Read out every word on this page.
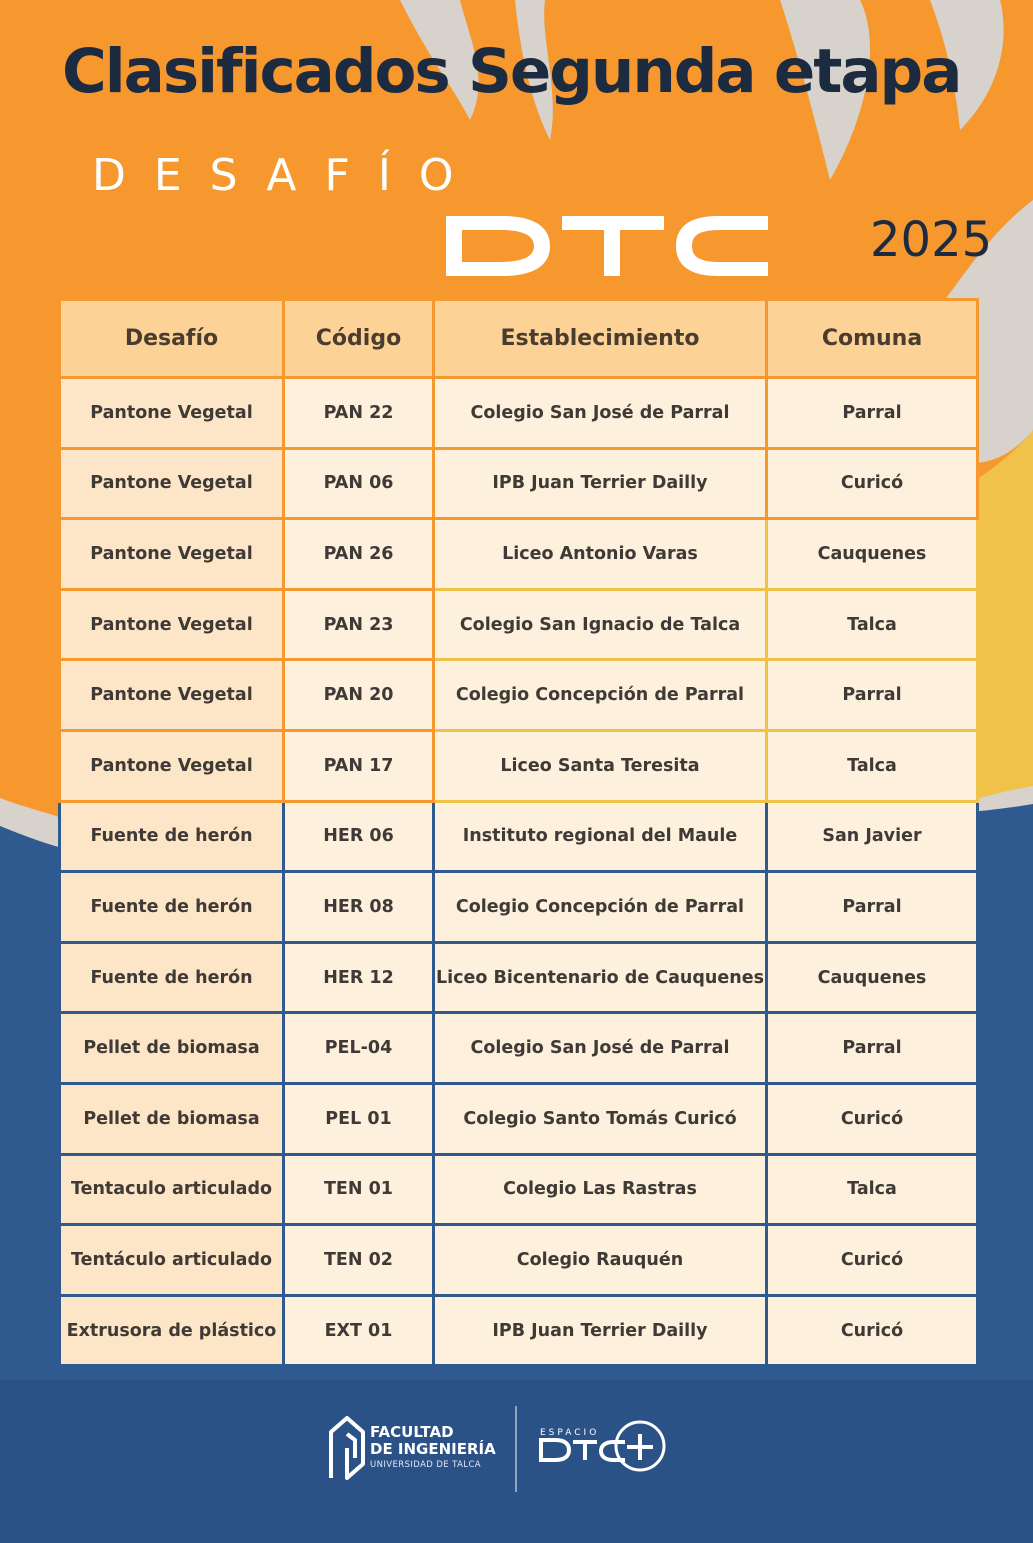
Clasificados Segunda etapa
DESAFÍO
2025
Desafío	Código	Establecimiento	Comuna
Pantone Vegetal	PAN 22	Colegio San José de Parral	Parral
Pantone Vegetal	PAN 06	IPB Juan Terrier Dailly	Curicó
Pantone Vegetal	PAN 26	Liceo Antonio Varas	Cauquenes
Pantone Vegetal	PAN 23	Colegio San Ignacio de Talca	Talca
Pantone Vegetal	PAN 20	Colegio Concepción de Parral	Parral
Pantone Vegetal	PAN 17	Liceo Santa Teresita	Talca
Fuente de herón	HER 06	Instituto regional del Maule	San Javier
Fuente de herón	HER 08	Colegio Concepción de Parral	Parral
Fuente de herón	HER 12	Liceo Bicentenario de Cauquenes	Cauquenes
Pellet de biomasa	PEL-04	Colegio San José de Parral	Parral
Pellet de biomasa	PEL 01	Colegio Santo Tomás Curicó	Curicó
Tentaculo articulado	TEN 01	Colegio Las Rastras	Talca
Tentáculo articulado	TEN 02	Colegio Rauquén	Curicó
Extrusora de plástico	EXT 01	IPB Juan Terrier Dailly	Curicó
FACULTAD
DE INGENIERÍA
UNIVERSIDAD DE TALCA
ESPACIO
